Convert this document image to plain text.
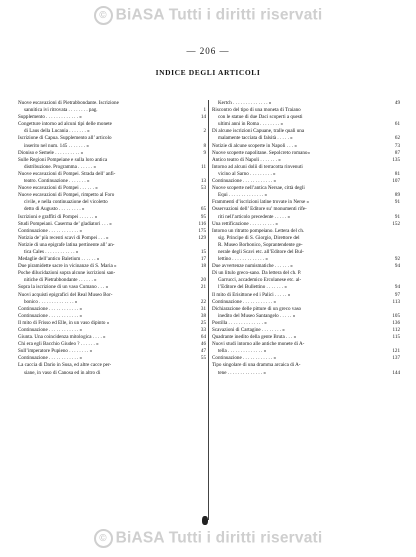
© BiASA Tutti i diritti riservati
— 206 —
INDICE DEGLI ARTICOLI
Nuove escavazioni di Pietrabbondante. Iscrizione
sannitica ivi ritrovata . . . . . . . . pag.	1
Supplemento . . . . . . . . . . . . . »	14
Congetture intorno ad alcuni tipi delle monete
di Laus della Lucania . . . . . . . »	2
Iscrizione di Capua. Supplemento all’ articolo
inserito nel num. 145 . . . . . . . »	8
Dioniso e Semele . . . . . . . . . . »	9
Sulle Regioni Pompeiane e sulla loro antica
distribuzione. Programma . . . . . . »	11
Nuove escavazioni di Pompei. Strada dell’ anfi-
teatro. Continuazione . . . . . . . »	13
Nuove escavazioni di Pompei . . . . . . »	53
Nuove escavazioni di Pompei, rimpetto al Foro
civile, e nella continuazione del vicoletto
detto di Augusto . . . . . . . . . »	65
Iscrizioni e graffiti di Pompei . . . . . . »	95
Studi Pompeiani. Caserma de’ gladiatori . . . »	116
Continuazione . . . . . . . . . . . . »	175
Notizia de’ più recenti scavi di Pompei . . . »	129
Notizie di una epigrafe latina pertinente all’ an-
tica Cales . . . . . . . . . . . . »	15
Medaglie dell’antico Baletium . . . . . . »	17
Due piramidette sacre in vicinanze di S. Maria »	18
Poche dilucidazioni sopra alcune iscrizioni san-
nitiche di Pietrabbondante . . . . . . »	20
Sopra la iscrizione di un vaso Cumano . . . »	21
Nuovi acquisti epigrafici del Real Museo Bor-
bonico . . . . . . . . . . . . . . »	22
Continuazione . . . . . . . . . . . . »	31
Continuazione . . . . . . . . . . . . »	38
Il mito di Frisso ed Elle, in un vaso dipinto »	25
Continuazione . . . . . . . . . . . . »	33
Giunta. Una coincidenza mitologica . . . . »	64
Chi era egli Bacchio Giudeo ? . . . . . . »	46
Sull’imperatore Pupieno . . . . . . . . »	47
Continuazione . . . . . . . . . . . . »	55
La caccia di Dario in Susa, ed altre cacce per-
siane, in vaso di Canosa ed in altro di
Kertch . . . . . . . . . . . . . . »	49
Riscontro del tipo di una moneta di Traiano
con le statue di due Daci scoperti a questi
ultimi anni in Roma . . . . . . . . »	61
Di alcune iscrizioni Capuane, tralle quali una
malamente tacciata di falsità . . . . . »	62
Notizie di alcune scoperte in Napoli . . . »	73
Nuove scoperte napolitane. Sepolcreto romano»	87
Antico teatro di Napoli . . . . . . . »	135
Intorno ad alcuni dolii di terracotta rinvenuti
vicino al Sarno . . . . . . . . . »	81
Continuazione . . . . . . . . . . . . »	107
Nuove scoperte nell’antica Nersae, città degli
Equi . . . . . . . . . . . . . . »	89
Frammenti d’iscrizioni latine trovate in Nerse »	91
Osservazioni dell’ Editore su’ monumenti rife-
riti nell’articolo precedente . . . . . »	91
Una rettificazione . . . . . . . . . . »	152
Intorno un ritratto pompeiano. Lettera del ch.
sig. Principe di S. Giorgio, Direttore del
R. Museo Borbonico, Soprantendente ge-
nerale degli Scavi etc. all’Editore del Bul-
lettino . . . . . . . . . . . . . »	92
Due avvertenze numismatiche . . . . . . »	94
Di un litulo greco-sano. Da lettera del ch. P.
Garrucci, accademico Ercolanese etc. al-
l’Editore del Bullettino . . . . . . . »	94
Il mito di Erisittone ed i Palici . . . . . »	97
Continuazione . . . . . . . . . . . . »	113
Dichiarazione delle pitture di un greco vaso
inedito del Museo Santangelo . . . . . »	105
Postilla . . . . . . . . . . . . . . »	136
Scavazioni di Cartagine . . . . . . . . »	112
Quadrante inedito della gente Bruta . . . »	115
Nuovi studi intorno alle antiche monete di A-
tella . . . . . . . . . . . . . . »	121
Continuazione . . . . . . . . . . . . »	137
Tipo singolare di una dramma arcaica di A-
tene . . . . . . . . . . . . . . »	144
© BiASA Tutti i diritti riservati
